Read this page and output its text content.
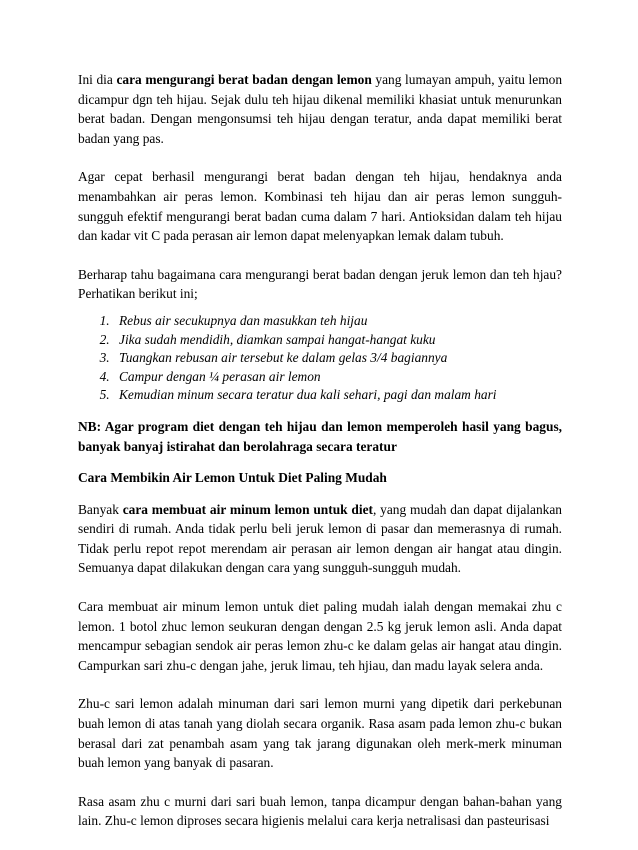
Ini dia cara mengurangi berat badan dengan lemon yang lumayan ampuh, yaitu lemon dicampur dgn teh hijau. Sejak dulu teh hijau dikenal memiliki khasiat untuk menurunkan berat badan. Dengan mengonsumsi teh hijau dengan teratur, anda dapat memiliki berat badan yang pas.

Agar cepat berhasil mengurangi berat badan dengan teh hijau, hendaknya anda menambahkan air peras lemon. Kombinasi teh hijau dan air peras lemon sungguh-sungguh efektif mengurangi berat badan cuma dalam 7 hari. Antioksidan dalam teh hijau dan kadar vit C pada perasan air lemon dapat melenyapkan lemak dalam tubuh.

Berharap tahu bagaimana cara mengurangi berat badan dengan jeruk lemon dan teh hjau? Perhatikan berikut ini;

1. Rebus air secukupnya dan masukkan teh hijau
2. Jika sudah mendidih, diamkan sampai hangat-hangat kuku
3. Tuangkan rebusan air tersebut ke dalam gelas 3/4 bagiannya
4. Campur dengan ¼ perasan air lemon
5. Kemudian minum secara teratur dua kali sehari, pagi dan malam hari

NB: Agar program diet dengan teh hijau dan lemon memperoleh hasil yang bagus, banyak banyaj istirahat dan berolahraga secara teratur

Cara Membikin Air Lemon Untuk Diet Paling Mudah

Banyak cara membuat air minum lemon untuk diet, yang mudah dan dapat dijalankan sendiri di rumah. Anda tidak perlu beli jeruk lemon di pasar dan memerasnya di rumah. Tidak perlu repot repot merendam air perasan air lemon dengan air hangat atau dingin. Semuanya dapat dilakukan dengan cara yang sungguh-sungguh mudah.

Cara membuat air minum lemon untuk diet paling mudah ialah dengan memakai zhu c lemon. 1 botol zhuc lemon seukuran dengan dengan 2.5 kg jeruk lemon asli. Anda dapat mencampur sebagian sendok air peras lemon zhu-c ke dalam gelas air hangat atau dingin. Campurkan sari zhu-c dengan jahe, jeruk limau, teh hjiau, dan madu layak selera anda.

Zhu-c sari lemon adalah minuman dari sari lemon murni yang dipetik dari perkebunan buah lemon di atas tanah yang diolah secara organik. Rasa asam pada lemon zhu-c bukan berasal dari zat penambah asam yang tak jarang digunakan oleh merk-merk minuman buah lemon yang banyak di pasaran.

Rasa asam zhu c murni dari sari buah lemon, tanpa dicampur dengan bahan-bahan yang lain. Zhu-c lemon diproses secara higienis melalui cara kerja netralisasi dan pasteurisasi
